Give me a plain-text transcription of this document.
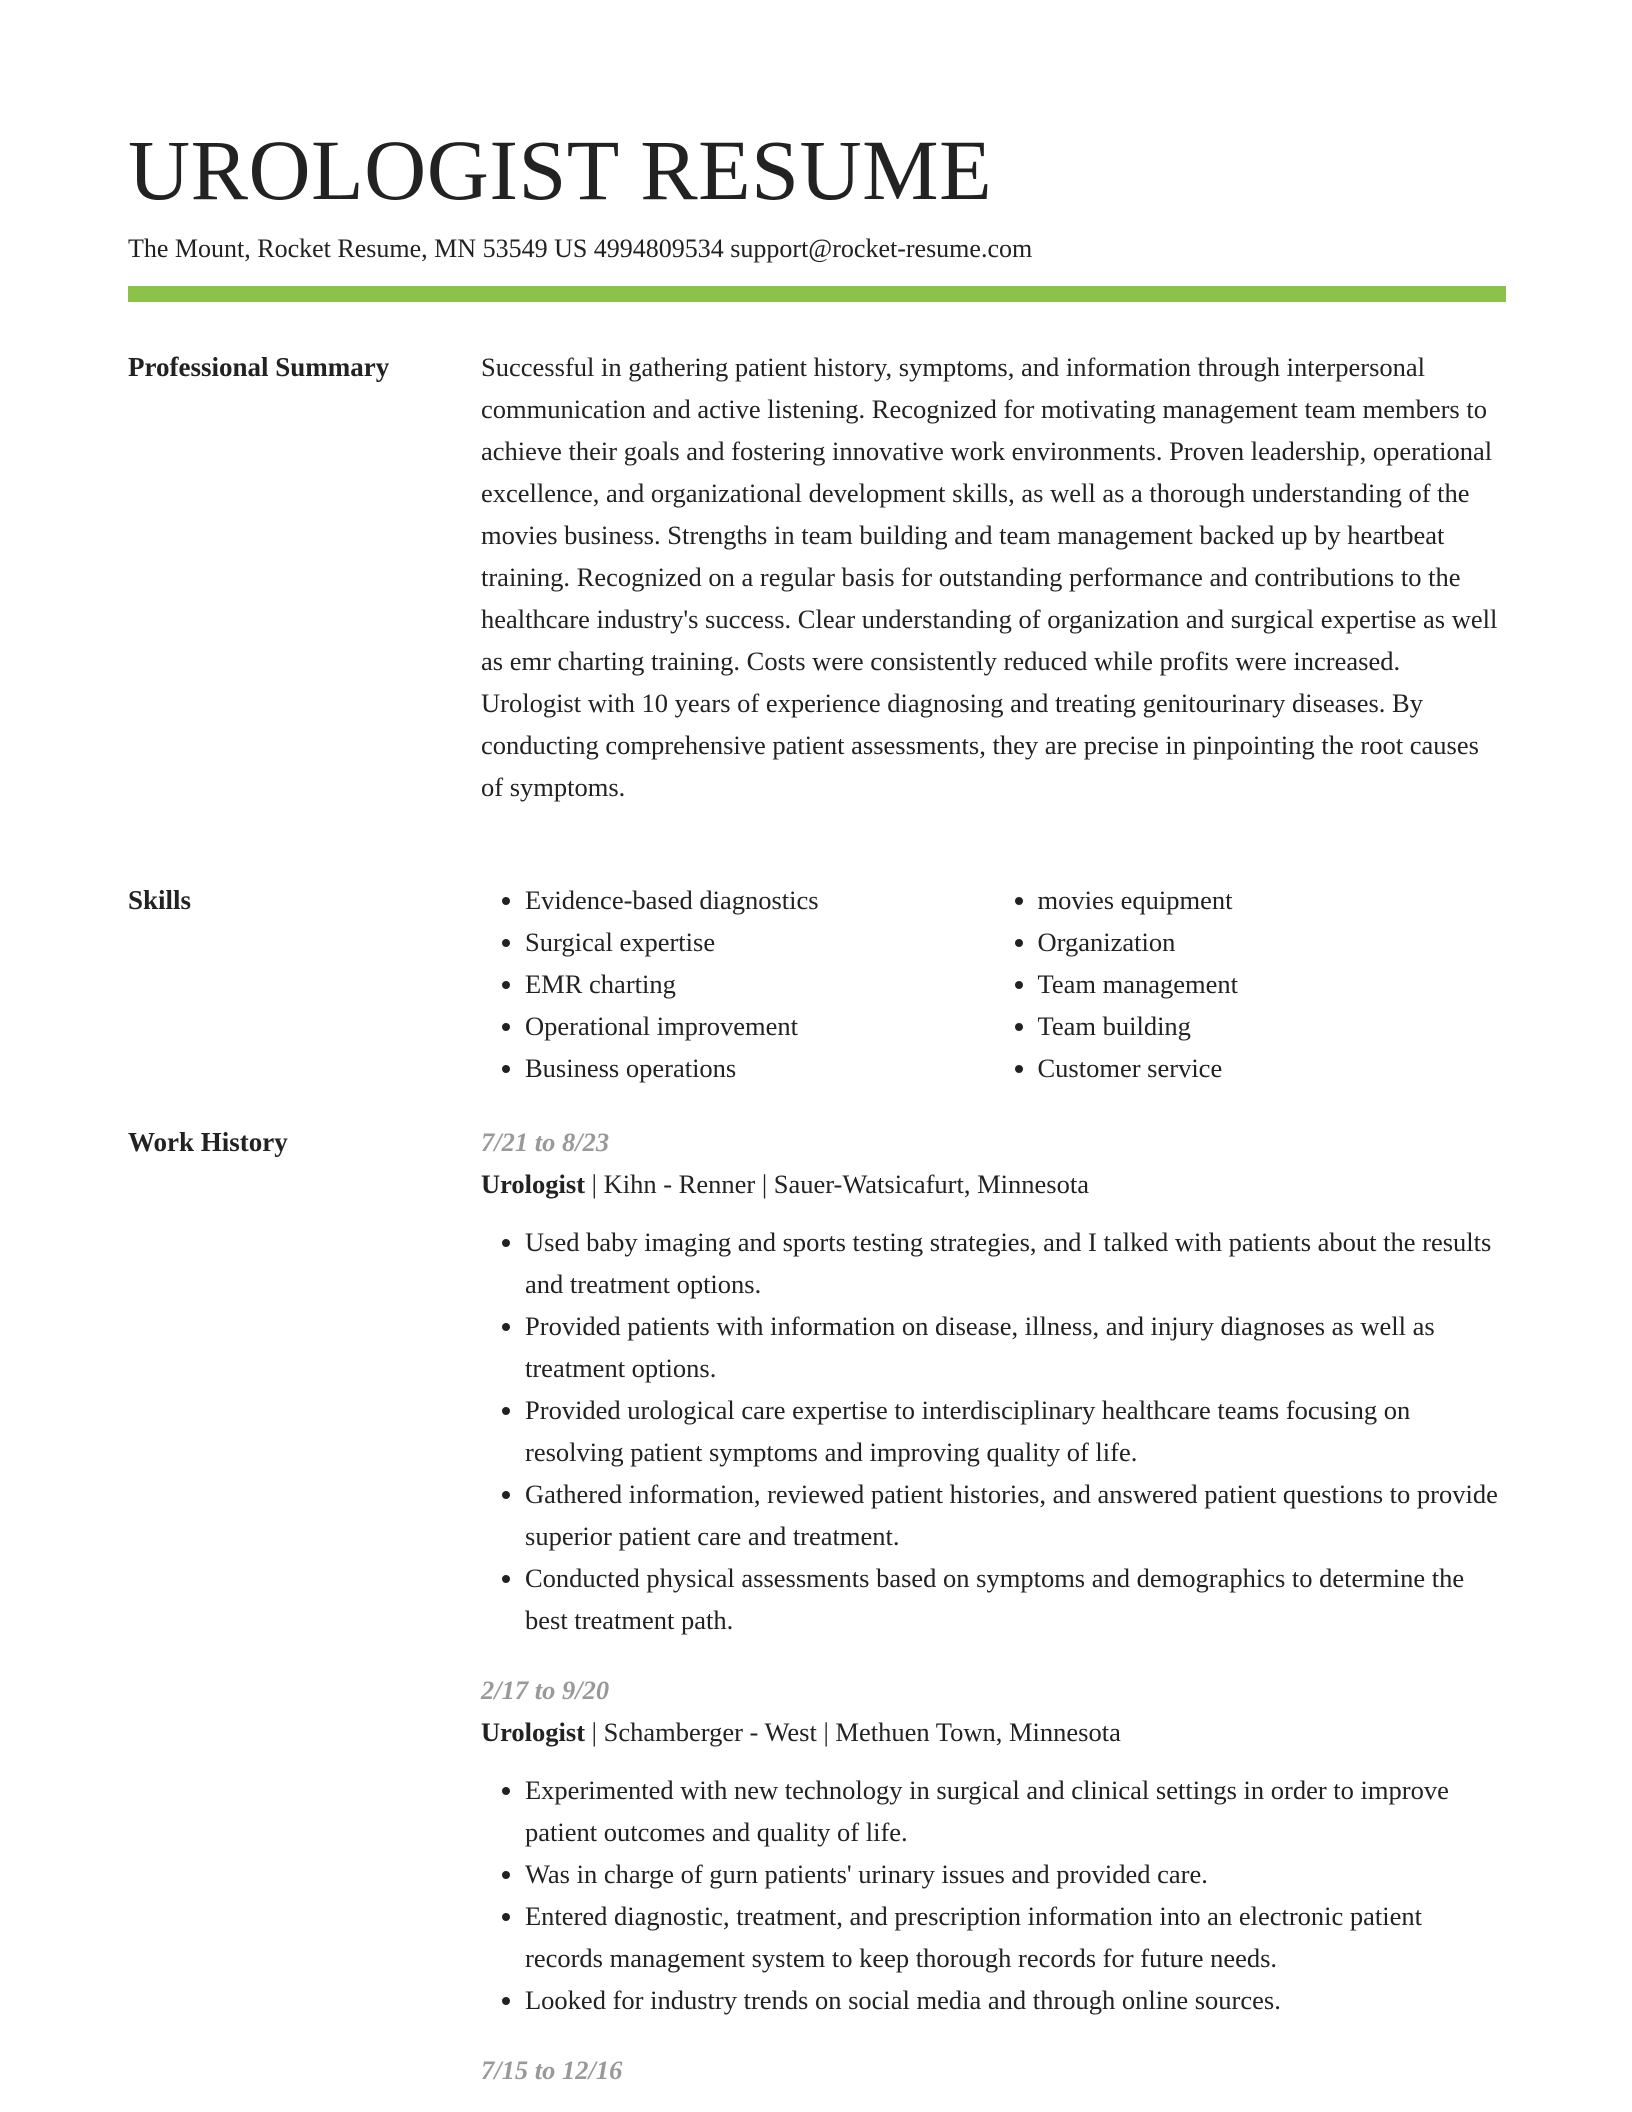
UROLOGIST RESUME
The Mount, Rocket Resume, MN 53549 US 4994809534 support@rocket-resume.com
Professional Summary	Successful in gathering patient history, symptoms, and information through interpersonal communication and active listening. Recognized for motivating management team members to achieve their goals and fostering innovative work environments. Proven leadership, operational excellence, and organizational development skills, as well as a thorough understanding of the movies business. Strengths in team building and team management backed up by heartbeat training. Recognized on a regular basis for outstanding performance and contributions to the healthcare industry's success. Clear understanding of organization and surgical expertise as well as emr charting training. Costs were consistently reduced while profits were increased. Urologist with 10 years of experience diagnosing and treating genitourinary diseases. By conducting comprehensive patient assessments, they are precise in pinpointing the root causes of symptoms.

Skills
•	Evidence-based diagnostics
• Surgical expertise
• EMR charting
• Operational improvement
• Business operations
• movies equipment
• Organization
• Team management
• Team building
• Customer service
Work History	7/21 to 8/23
Urologist | Kihn - Renner | Sauer-Watsicafurt, Minnesota
• Used baby imaging and sports testing strategies, and I talked with patients about the results and treatment options.
• Provided patients with information on disease, illness, and injury diagnoses as well as treatment options.
• Provided urological care expertise to interdisciplinary healthcare teams focusing on resolving patient symptoms and improving quality of life.
• Gathered information, reviewed patient histories, and answered patient questions to provide superior patient care and treatment.
• Conducted physical assessments based on symptoms and demographics to determine the best treatment path.
2/17 to 9/20
Urologist | Schamberger - West | Methuen Town, Minnesota
• Experimented with new technology in surgical and clinical settings in order to improve patient outcomes and quality of life.
• Was in charge of gurn patients' urinary issues and provided care.
• Entered diagnostic, treatment, and prescription information into an electronic patient records management system to keep thorough records for future needs.
• Looked for industry trends on social media and through online sources.
7/15 to 12/16
